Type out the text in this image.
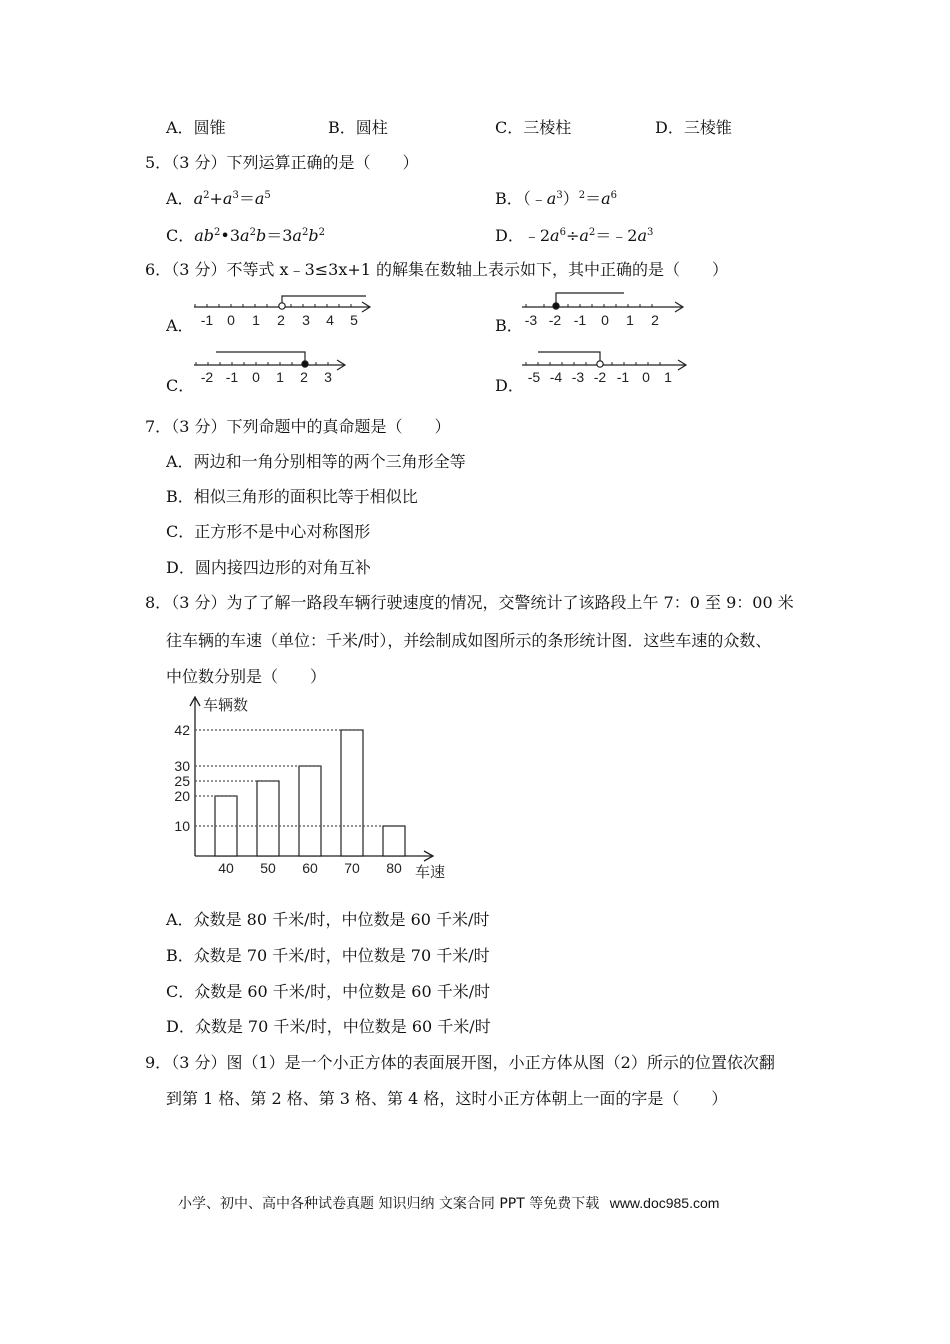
A．圆锥	B．圆柱	C．三棱柱	D．三棱锥
5．（3 分）下列运算正确的是（　　）
A．$a^2+a^3=a^5$	B．$(﹣a^3)^2=a^6$
C．$ab^2•3a^2b=3a^2b^2$	D．$﹣2a^6\div a^2=﹣2a^3$
6．（3 分）不等式 x﹣3≤3x+1 的解集在数轴上表示如下，其中正确的是（　　）
A．	B．
C．	D．
-1 0 1 2 3 4 5	-3 -2 -1 0 1 2
-2 -1 0 1 2 3	-5 -4 -3 -2 -1 0 1
7．（3 分）下列命题中的真命题是（　　）
A．两边和一角分别相等的两个三角形全等
B．相似三角形的面积比等于相似比
C．正方形不是中心对称图形
D．圆内接四边形的对角互补
8．（3 分）为了了解一路段车辆行驶速度的情况，交警统计了该路段上午 7：0 至 9：00 米
往车辆的车速（单位：千米/时），并绘制成如图所示的条形统计图．这些车速的众数、
中位数分别是（　　）
车辆数
车速
40 50 60 70 80
10
20
25
30
42
A．众数是 80 千米/时，中位数是 60 千米/时
B．众数是 70 千米/时，中位数是 70 千米/时
C．众数是 60 千米/时，中位数是 60 千米/时
D．众数是 70 千米/时，中位数是 60 千米/时
9．（3 分）图（1）是一个小正方体的表面展开图，小正方体从图（2）所示的位置依次翻
到第 1 格、第 2 格、第 3 格、第 4 格，这时小正方体朝上一面的字是（　　）
小学、初中、高中各种试卷真题 知识归纳 文案合同 PPT 等免费下载 www.doc985.com
